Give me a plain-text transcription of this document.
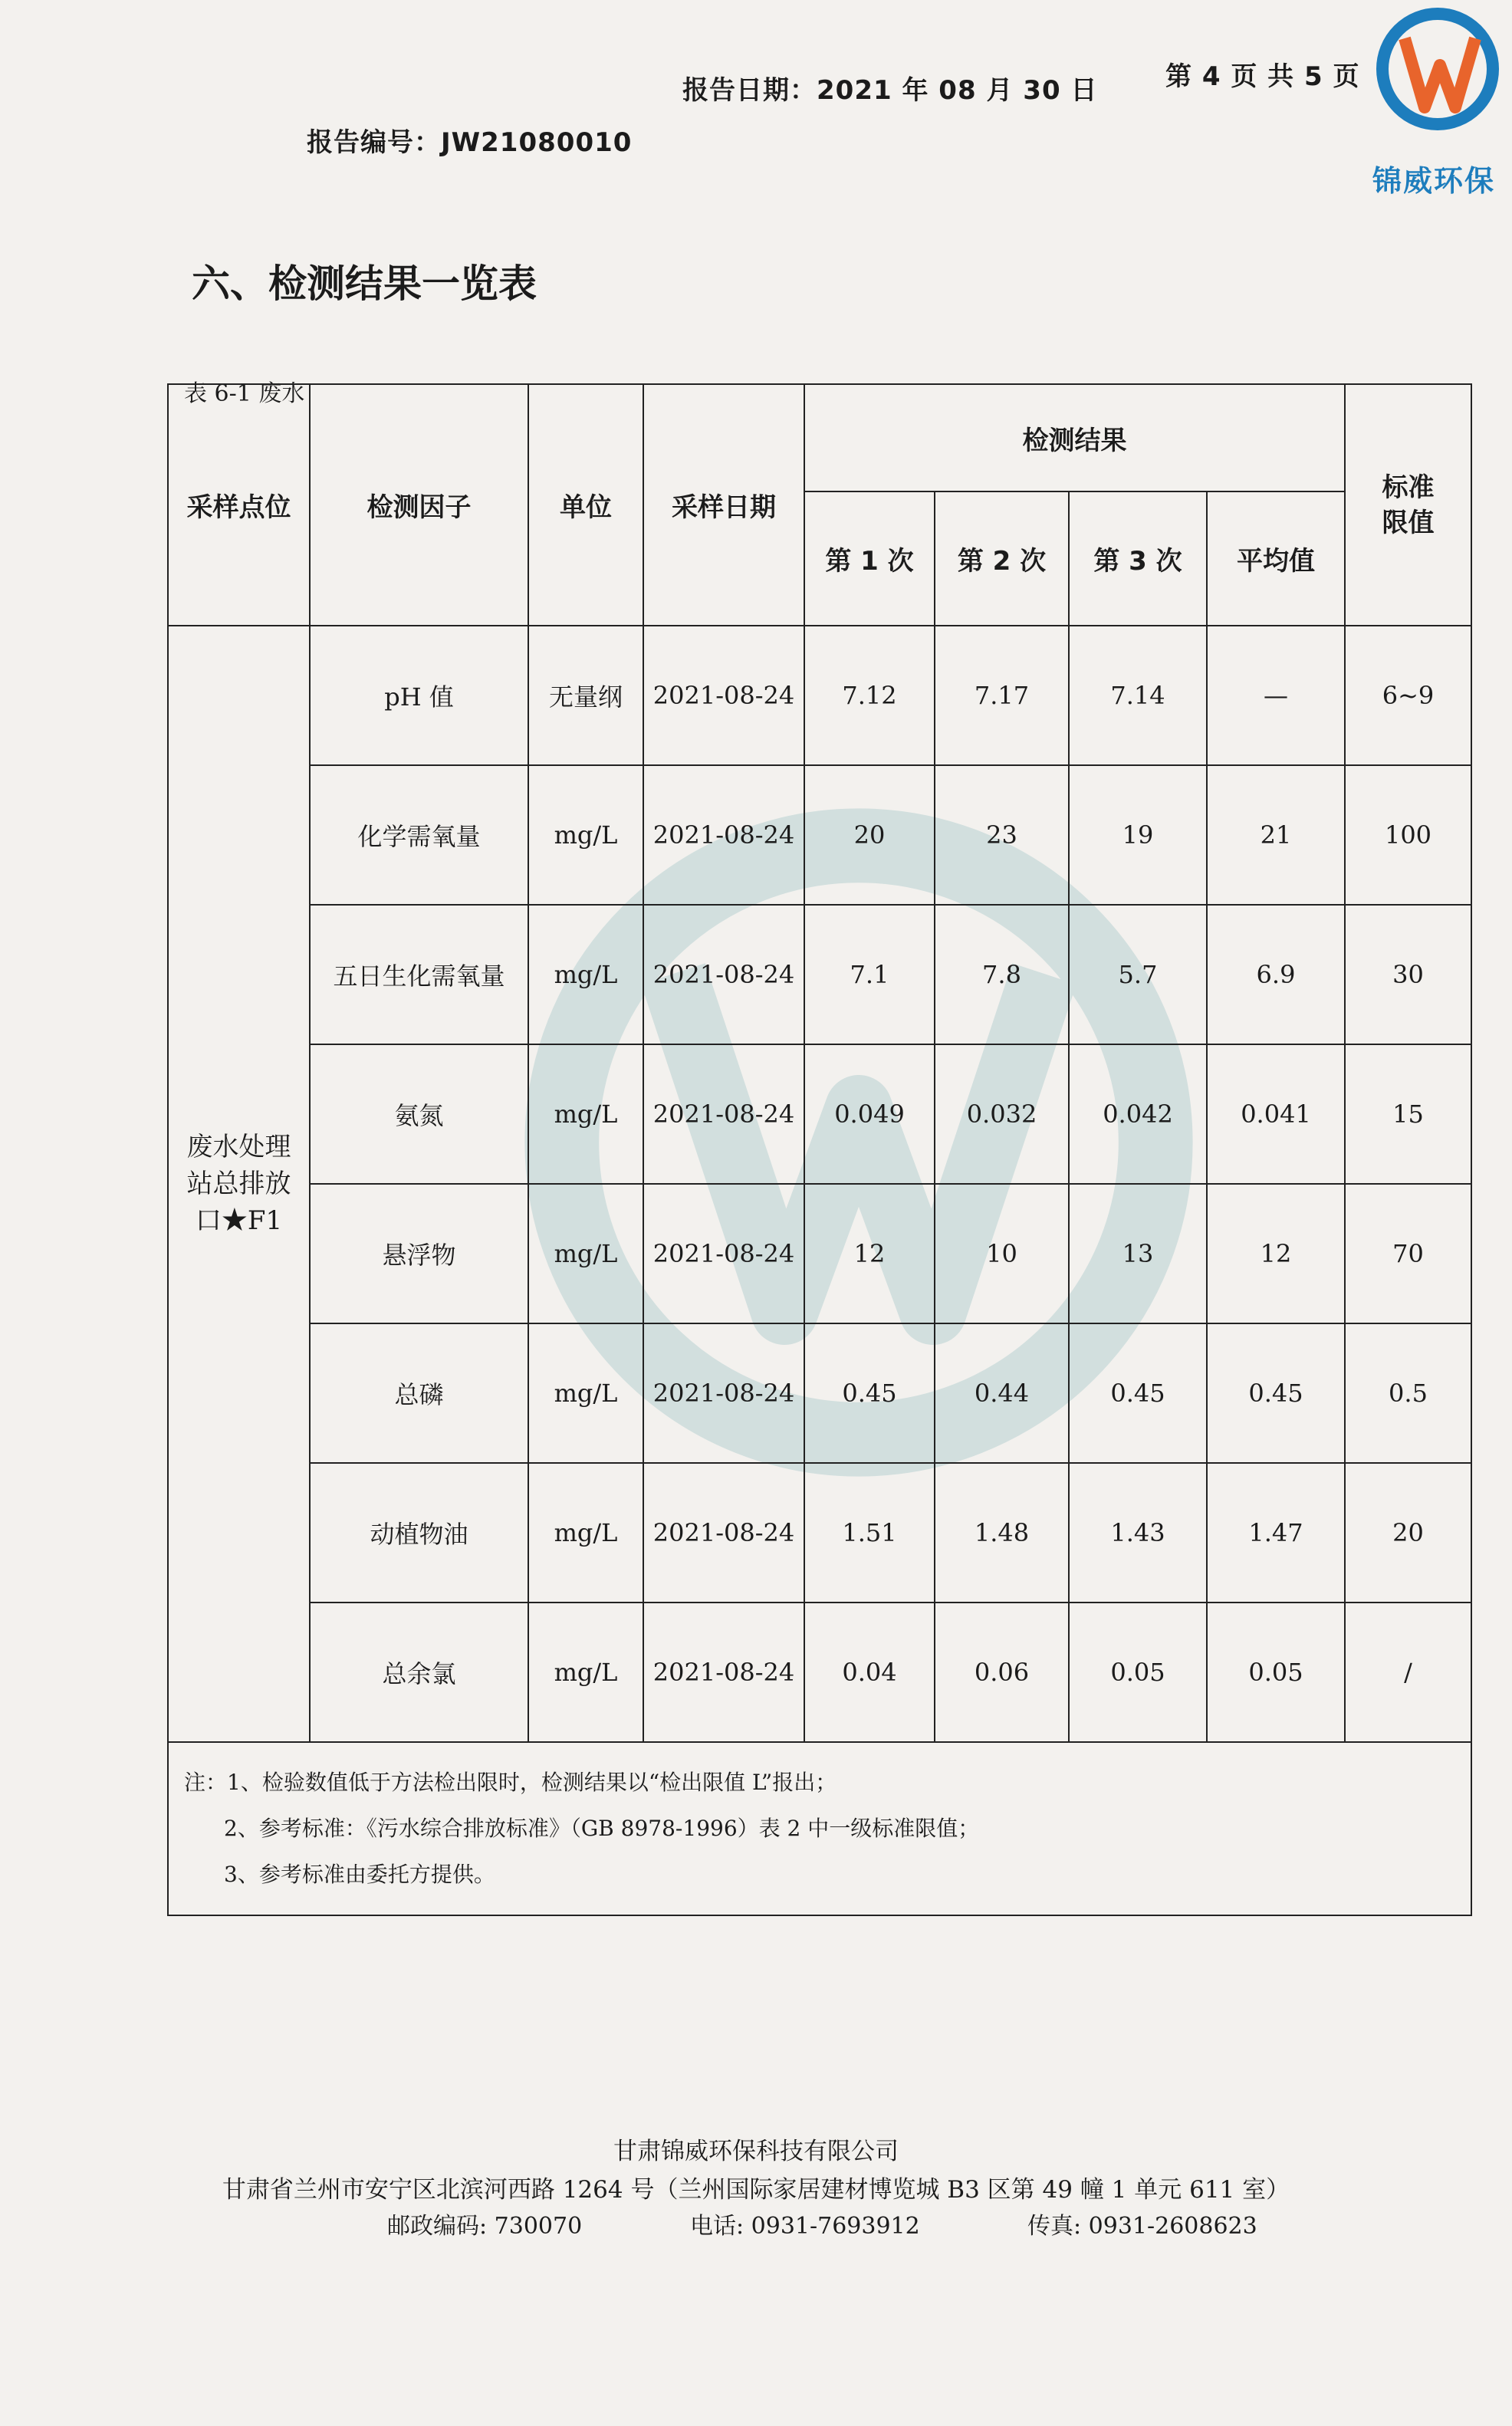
报告编号：JW21080010
报告日期：2021 年 08 月 30 日	第 4 页 共 5 页
锦威环保
六、检测结果一览表
表 6-1 废水
采样点位	检测因子	单位	采样日期	检测结果				标准
限值
				第 1 次	第 2 次	第 3 次	平均值	
废水处理
站总排放
口★F1	pH 值	无量纲	2021-08-24	7.12	7.17	7.14	—	6~9
	化学需氧量	mg/L	2021-08-24	20	23	19	21	100
	五日生化需氧量	mg/L	2021-08-24	7.1	7.8	5.7	6.9	30
	氨氮	mg/L	2021-08-24	0.049	0.032	0.042	0.041	15
	悬浮物	mg/L	2021-08-24	12	10	13	12	70
	总磷	mg/L	2021-08-24	0.45	0.44	0.45	0.45	0.5
	动植物油	mg/L	2021-08-24	1.51	1.48	1.43	1.47	20
	总余氯	mg/L	2021-08-24	0.04	0.06	0.05	0.05	/

注：1、检验数值低于方法检出限时，检测结果以“检出限值 L”报出；
2、参考标准：《污水综合排放标准》（GB 8978-1996）表 2 中一级标准限值；
3、参考标准由委托方提供。								
甘肃锦威环保科技有限公司
甘肃省兰州市安宁区北滨河西路 1264 号（兰州国际家居建材博览城 B3 区第 49 幢 1 单元 611 室）
邮政编码: 730070	电话: 0931-7693912	传真: 0931-2608623
